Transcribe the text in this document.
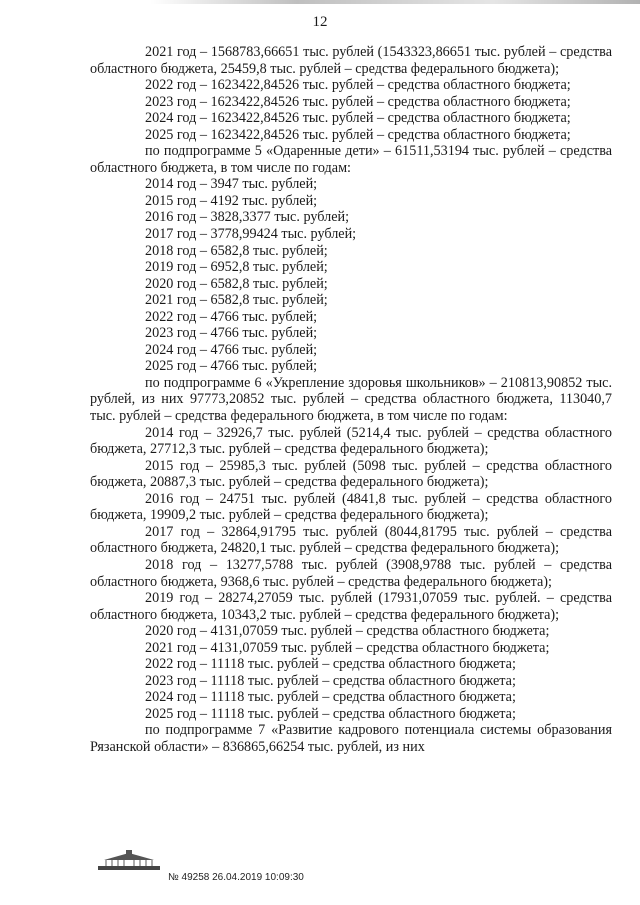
12

2021 год – 1568783,66651 тыс. рублей (1543323,86651 тыс. рублей – средства областного бюджета, 25459,8 тыс. рублей – средства федерального бюджета);

2022 год – 1623422,84526 тыс. рублей – средства областного бюджета;

2023 год – 1623422,84526 тыс. рублей – средства областного бюджета;

2024 год – 1623422,84526 тыс. рублей – средства областного бюджета;

2025 год – 1623422,84526 тыс. рублей – средства областного бюджета;

по подпрограмме 5 «Одаренные дети» – 61511,53194 тыс. рублей – средства областного бюджета, в том числе по годам:

2014 год – 3947 тыс. рублей;

2015 год – 4192 тыс. рублей;

2016 год – 3828,3377 тыс. рублей;

2017 год – 3778,99424 тыс. рублей;

2018 год – 6582,8 тыс. рублей;

2019 год – 6952,8 тыс. рублей;

2020 год – 6582,8 тыс. рублей;

2021 год – 6582,8 тыс. рублей;

2022 год – 4766 тыс. рублей;

2023 год – 4766 тыс. рублей;

2024 год – 4766 тыс. рублей;

2025 год – 4766 тыс. рублей;

по подпрограмме 6 «Укрепление здоровья школьников» – 210813,90852 тыс. рублей, из них 97773,20852 тыс. рублей – средства областного бюджета, 113040,7 тыс. рублей – средства федерального бюджета, в том числе по годам:

2014 год – 32926,7 тыс. рублей (5214,4 тыс. рублей – средства областного бюджета, 27712,3 тыс. рублей – средства федерального бюджета);

2015 год – 25985,3 тыс. рублей (5098 тыс. рублей – средства областного бюджета, 20887,3 тыс. рублей – средства федерального бюджета);

2016 год – 24751 тыс. рублей (4841,8 тыс. рублей – средства областного бюджета, 19909,2 тыс. рублей – средства федерального бюджета);

2017 год – 32864,91795 тыс. рублей (8044,81795 тыс. рублей – средства областного бюджета, 24820,1 тыс. рублей – средства федерального бюджета);

2018 год – 13277,5788 тыс. рублей (3908,9788 тыс. рублей – средства областного бюджета, 9368,6 тыс. рублей – средства федерального бюджета);

2019 год – 28274,27059 тыс. рублей (17931,07059 тыс. рублей. – средства областного бюджета, 10343,2 тыс. рублей – средства федерального бюджета);

2020 год – 4131,07059 тыс. рублей – средства областного бюджета;

2021 год – 4131,07059 тыс. рублей – средства областного бюджета;

2022 год – 11118 тыс. рублей – средства областного бюджета;

2023 год – 11118 тыс. рублей – средства областного бюджета;

2024 год – 11118 тыс. рублей – средства областного бюджета;

2025 год – 11118 тыс. рублей – средства областного бюджета;

по подпрограмме 7 «Развитие кадрового потенциала системы образования Рязанской области» – 836865,66254 тыс. рублей, из них

№ 49258 26.04.2019 10:09:30
